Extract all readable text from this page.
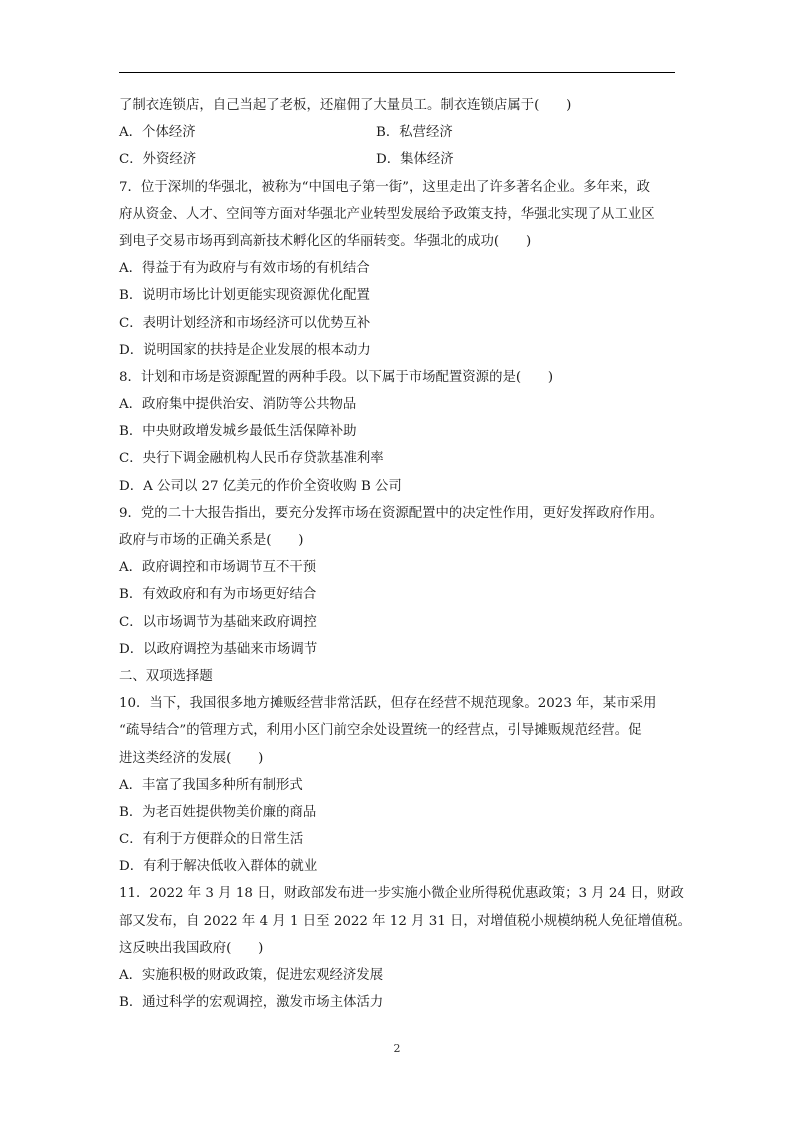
了制衣连锁店，自己当起了老板，还雇佣了大量员工。制衣连锁店属于(　　)
A．个体经济	B．私营经济
C．外资经济	D．集体经济
7．位于深圳的华强北，被称为“中国电子第一街”，这里走出了许多著名企业。多年来，政
府从资金、人才、空间等方面对华强北产业转型发展给予政策支持，华强北实现了从工业区
到电子交易市场再到高新技术孵化区的华丽转变。华强北的成功(　　)
A．得益于有为政府与有效市场的有机结合
B．说明市场比计划更能实现资源优化配置
C．表明计划经济和市场经济可以优势互补
D．说明国家的扶持是企业发展的根本动力
8．计划和市场是资源配置的两种手段。以下属于市场配置资源的是(　　)
A．政府集中提供治安、消防等公共物品
B．中央财政增发城乡最低生活保障补助
C．央行下调金融机构人民币存贷款基准利率
D．A 公司以 27 亿美元的作价全资收购 B 公司
9．党的二十大报告指出，要充分发挥市场在资源配置中的决定性作用，更好发挥政府作用。
政府与市场的正确关系是(　　)
A．政府调控和市场调节互不干预
B．有效政府和有为市场更好结合
C．以市场调节为基础来政府调控
D．以政府调控为基础来市场调节
二、双项选择题
10．当下，我国很多地方摊贩经营非常活跃，但存在经营不规范现象。2023 年，某市采用
“疏导结合”的管理方式，利用小区门前空余处设置统一的经营点，引导摊贩规范经营。促
进这类经济的发展(　　)
A．丰富了我国多种所有制形式
B．为老百姓提供物美价廉的商品
C．有利于方便群众的日常生活
D．有利于解决低收入群体的就业
11．2022 年 3 月 18 日，财政部发布进一步实施小微企业所得税优惠政策；3 月 24 日，财政
部又发布，自 2022 年 4 月 1 日至 2022 年 12 月 31 日，对增值税小规模纳税人免征增值税。
这反映出我国政府(　　)
A．实施积极的财政政策，促进宏观经济发展
B．通过科学的宏观调控，激发市场主体活力
2
